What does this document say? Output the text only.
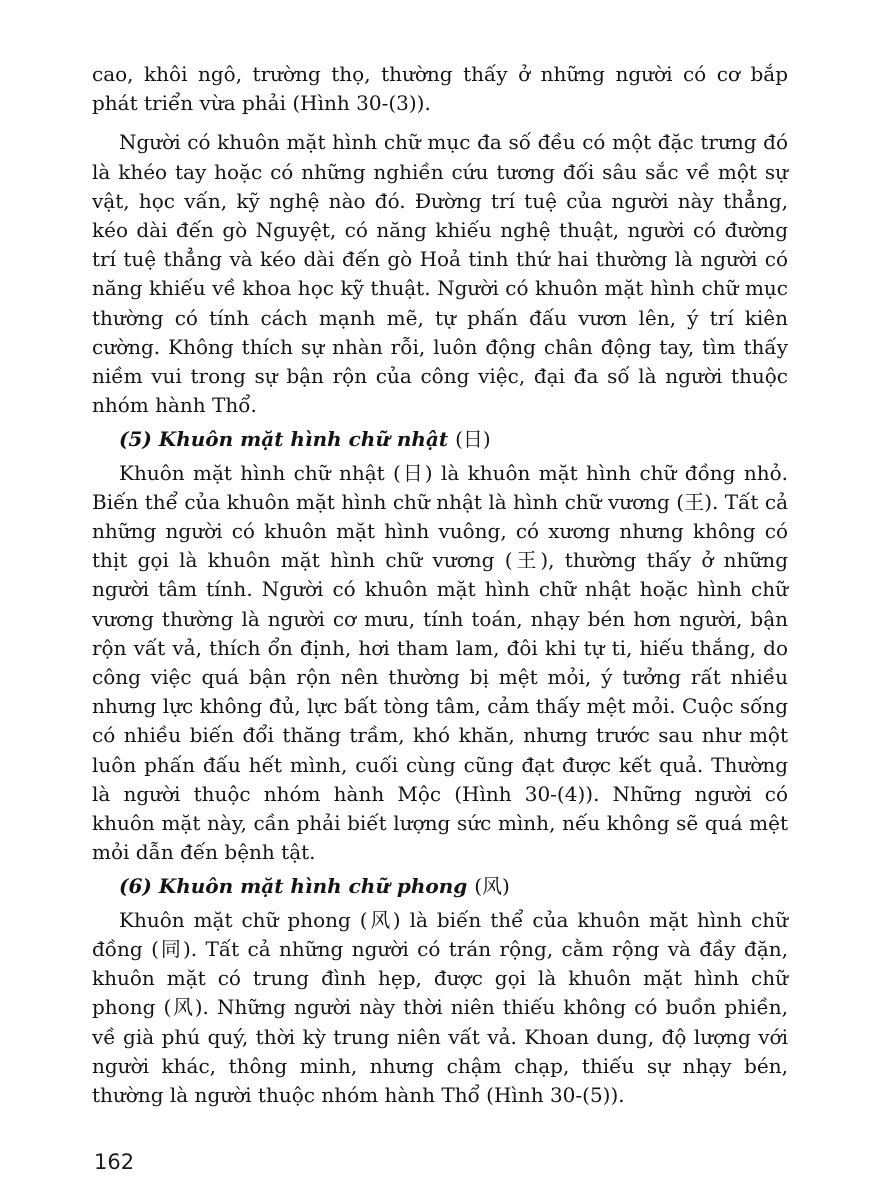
cao, khôi ngô, trường thọ, thường thấy ở những người có cơ bắp phát triển vừa phải (Hình 30-(3)).

Người có khuôn mặt hình chữ mục đa số đều có một đặc trưng đó là khéo tay hoặc có những nghiền cứu tương đối sâu sắc về một sự vật, học vấn, kỹ nghệ nào đó. Đường trí tuệ của người này thẳng, kéo dài đến gò Nguyệt, có năng khiếu nghệ thuật, người có đường trí tuệ thẳng và kéo dài đến gò Hoả tinh thứ hai thường là người có năng khiếu về khoa học kỹ thuật. Người có khuôn mặt hình chữ mục thường có tính cách mạnh mẽ, tự phấn đấu vươn lên, ý trí kiên cường. Không thích sự nhàn rỗi, luôn động chân động tay, tìm thấy niềm vui trong sự bận rộn của công việc, đại đa số là người thuộc nhóm hành Thổ.

(5) Khuôn mặt hình chữ nhật (日)

Khuôn mặt hình chữ nhật (日) là khuôn mặt hình chữ đồng nhỏ. Biến thể của khuôn mặt hình chữ nhật là hình chữ vương (王). Tất cả những người có khuôn mặt hình vuông, có xương nhưng không có thịt gọi là khuôn mặt hình chữ vương (王), thường thấy ở những người tâm tính. Người có khuôn mặt hình chữ nhật hoặc hình chữ vương thường là người cơ mưu, tính toán, nhạy bén hơn người, bận rộn vất vả, thích ổn định, hơi tham lam, đôi khi tự ti, hiếu thắng, do công việc quá bận rộn nên thường bị mệt mỏi, ý tưởng rất nhiều nhưng lực không đủ, lực bất tòng tâm, cảm thấy mệt mỏi. Cuộc sống có nhiều biến đổi thăng trầm, khó khăn, nhưng trước sau như một luôn phấn đấu hết mình, cuối cùng cũng đạt được kết quả. Thường là người thuộc nhóm hành Mộc (Hình 30-(4)). Những người có khuôn mặt này, cần phải biết lượng sức mình, nếu không sẽ quá mệt mỏi dẫn đến bệnh tật.

(6) Khuôn mặt hình chữ phong (风)

Khuôn mặt chữ phong (风) là biến thể của khuôn mặt hình chữ đồng (同). Tất cả những người có trán rộng, cằm rộng và đầy đặn, khuôn mặt có trung đình hẹp, được gọi là khuôn mặt hình chữ phong (风). Những người này thời niên thiếu không có buồn phiền, về già phú quý, thời kỳ trung niên vất vả. Khoan dung, độ lượng với người khác, thông minh, nhưng chậm chạp, thiếu sự nhạy bén, thường là người thuộc nhóm hành Thổ (Hình 30-(5)).

162
